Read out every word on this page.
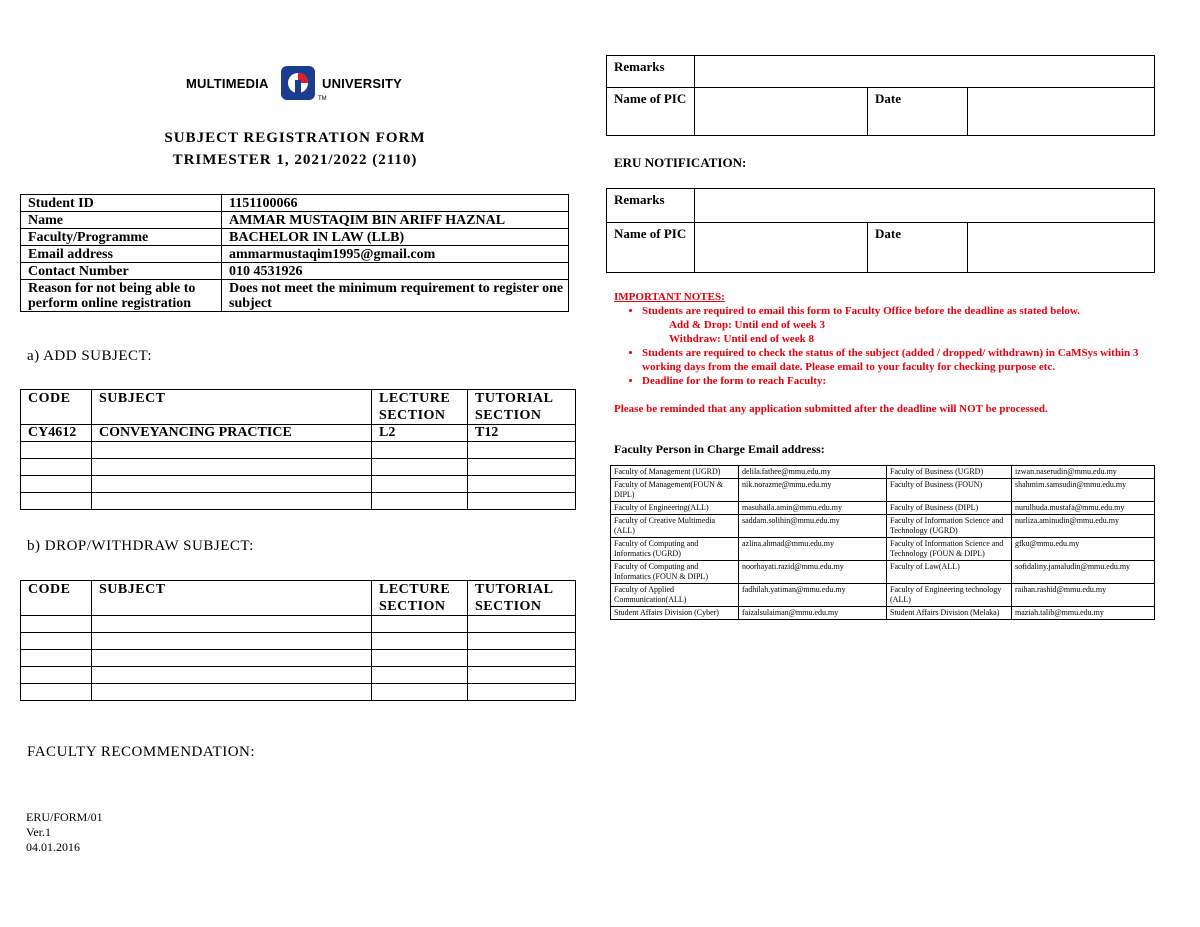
MULTIMEDIA
TM
UNIVERSITY
SUBJECT REGISTRATION FORM
TRIMESTER 1, 2021/2022 (2110)
Student ID	1151100066
Name	AMMAR MUSTAQIM BIN ARIFF HAZNAL
Faculty/Programme	BACHELOR IN LAW (LLB)
Email address	ammarmustaqim1995@gmail.com
Contact Number	010 4531926
Reason for not being able to perform online registration	Does not meet the minimum requirement to register one subject
a) ADD SUBJECT:
CODE	SUBJECT	LECTURE SECTION	TUTORIAL SECTION
CY4612	CONVEYANCING PRACTICE	L2	T12

b) DROP/WITHDRAW SUBJECT:
CODE	SUBJECT	LECTURE SECTION	TUTORIAL SECTION

FACULTY RECOMMENDATION:
ERU/FORM/01
Ver.1
04.01.2016
Remarks			
Name of PIC		Date	
ERU NOTIFICATION:
Remarks			
Name of PIC		Date	
IMPORTANT NOTES:
• Students are required to email this form to Faculty Office before the deadline as stated below.
Add & Drop: Until end of week 3
Withdraw: Until end of week 8
• Students are required to check the status of the subject (added / dropped/ withdrawn) in CaMSys within 3 working days from the email date. Please email to your faculty for checking purpose etc.
• Deadline for the form to reach Faculty:
Please be reminded that any application submitted after the deadline will NOT be processed.
Faculty Person in Charge Email address:
Faculty of Management (UGRD)	delila.fathee@mmu.edu.my	Faculty of Business (UGRD)	izwan.naserudin@mmu.edu.my
Faculty of Management(FOUN & DIPL)	nik.norazme@mmu.edu.my	Faculty of Business (FOUN)	shahmim.samsudin@mmu.edu.my
Faculty of Engineering(ALL)	masuhaila.amin@mmu.edu.my	Faculty of Business (DIPL)	nurulhuda.mustafa@mmu.edu.my
Faculty of Creative Multimedia (ALL)	saddam.solihin@mmu.edu.my	Faculty of Information Science and Technology (UGRD)	nurliza.aminudin@mmu.edu.my
Faculty of Computing and Informatics (UGRD)	azlina.ahmad@mmu.edu.my	Faculty of Information Science and Technology (FOUN & DIPL)	gfku@mmu.edu.my
Faculty of Computing and Informatics (FOUN & DIPL)	noorhayati.razid@mmu.edu.my	Faculty of Law(ALL)	sofidaliny.jamaludin@mmu.edu.my
Faculty of Applied Communication(ALL)	fadhilah.yatiman@mmu.edu.my	Faculty of Engineering technology (ALL)	raihan.rashid@mmu.edu.my
Student Affairs Division (Cyber)	faizalsulaiman@mmu.edu.my	Student Affairs Division (Melaka)	maziah.talib@mmu.edu.my
